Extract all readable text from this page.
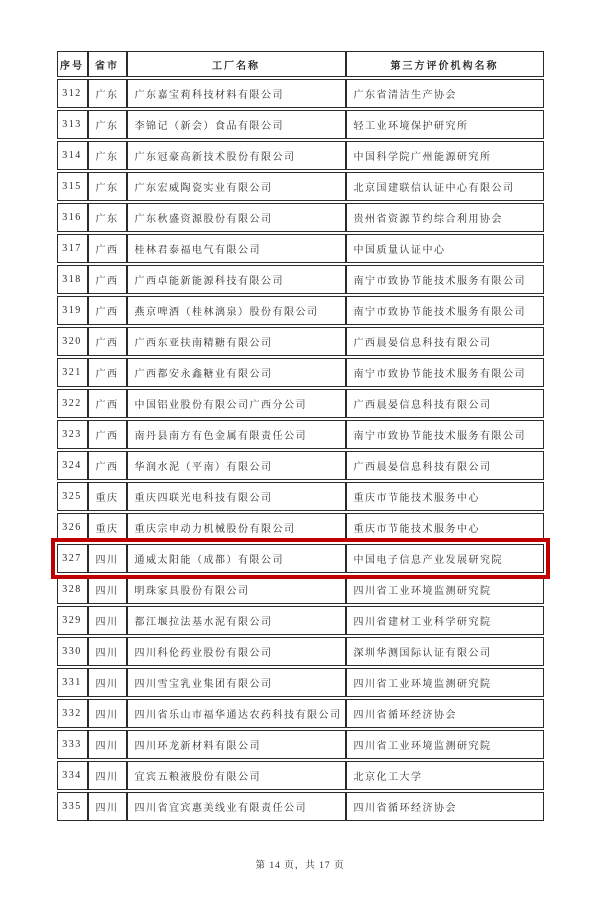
序号	省市	工厂名称	第三方评价机构名称
312	广东	广东嘉宝莉科技材料有限公司	广东省清洁生产协会
313	广东	李锦记（新会）食品有限公司	轻工业环境保护研究所
314	广东	广东冠豪高新技术股份有限公司	中国科学院广州能源研究所
315	广东	广东宏威陶瓷实业有限公司	北京国建联信认证中心有限公司
316	广东	广东秋盛资源股份有限公司	贵州省资源节约综合利用协会
317	广西	桂林君泰福电气有限公司	中国质量认证中心
318	广西	广西卓能新能源科技有限公司	南宁市致协节能技术服务有限公司
319	广西	燕京啤酒（桂林漓泉）股份有限公司	南宁市致协节能技术服务有限公司
320	广西	广西东亚扶南精糖有限公司	广西晨晏信息科技有限公司
321	广西	广西都安永鑫糖业有限公司	南宁市致协节能技术服务有限公司
322	广西	中国铝业股份有限公司广西分公司	广西晨晏信息科技有限公司
323	广西	南丹县南方有色金属有限责任公司	南宁市致协节能技术服务有限公司
324	广西	华润水泥（平南）有限公司	广西晨晏信息科技有限公司
325	重庆	重庆四联光电科技有限公司	重庆市节能技术服务中心
326	重庆	重庆宗申动力机械股份有限公司	重庆市节能技术服务中心
327	四川	通威太阳能（成都）有限公司	中国电子信息产业发展研究院
328	四川	明珠家具股份有限公司	四川省工业环境监测研究院
329	四川	都江堰拉法基水泥有限公司	四川省建材工业科学研究院
330	四川	四川科伦药业股份有限公司	深圳华测国际认证有限公司
331	四川	四川雪宝乳业集团有限公司	四川省工业环境监测研究院
332	四川	四川省乐山市福华通达农药科技有限公司	四川省循环经济协会
333	四川	四川环龙新材料有限公司	四川省工业环境监测研究院
334	四川	宜宾五粮液股份有限公司	北京化工大学
335	四川	四川省宜宾惠美线业有限责任公司	四川省循环经济协会
第 14 页，共 17 页
